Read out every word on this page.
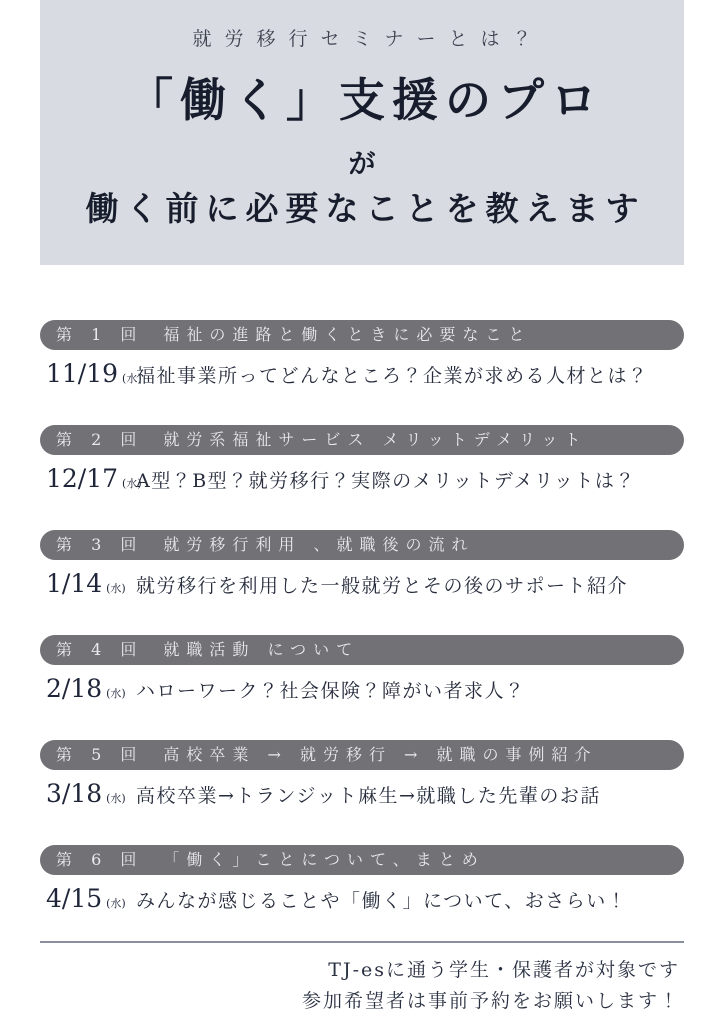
就労移行セミナーとは？
「働く」支援のプロ
が
働く前に必要なことを教えます
第 1 回 福祉の進路と働くときに必要なこと
11/19 (水)
福祉事業所ってどんなところ？企業が求める人材とは？
第 2 回 就労系福祉サービス メリットデメリット
12/17 (水)
A型？B型？就労移行？実際のメリットデメリットは？
第 3 回 就労移行利用 、就職後の流れ
1/14 (水) 就労移行を利用した一般就労とその後のサポート紹介
第 4 回 就職活動 について
2/18 (水) ハローワーク？社会保険？障がい者求人？
第 5 回 高校卒業 → 就労移行 → 就職の事例紹介
3/18 (水) 高校卒業→トランジット麻生→就職した先輩のお話
第 6 回 「働く」ことについて、まとめ
4/15 (水) みんなが感じることや「働く」について、おさらい！
TJ-esに通う学生・保護者が対象です
参加希望者は事前予約をお願いします！
